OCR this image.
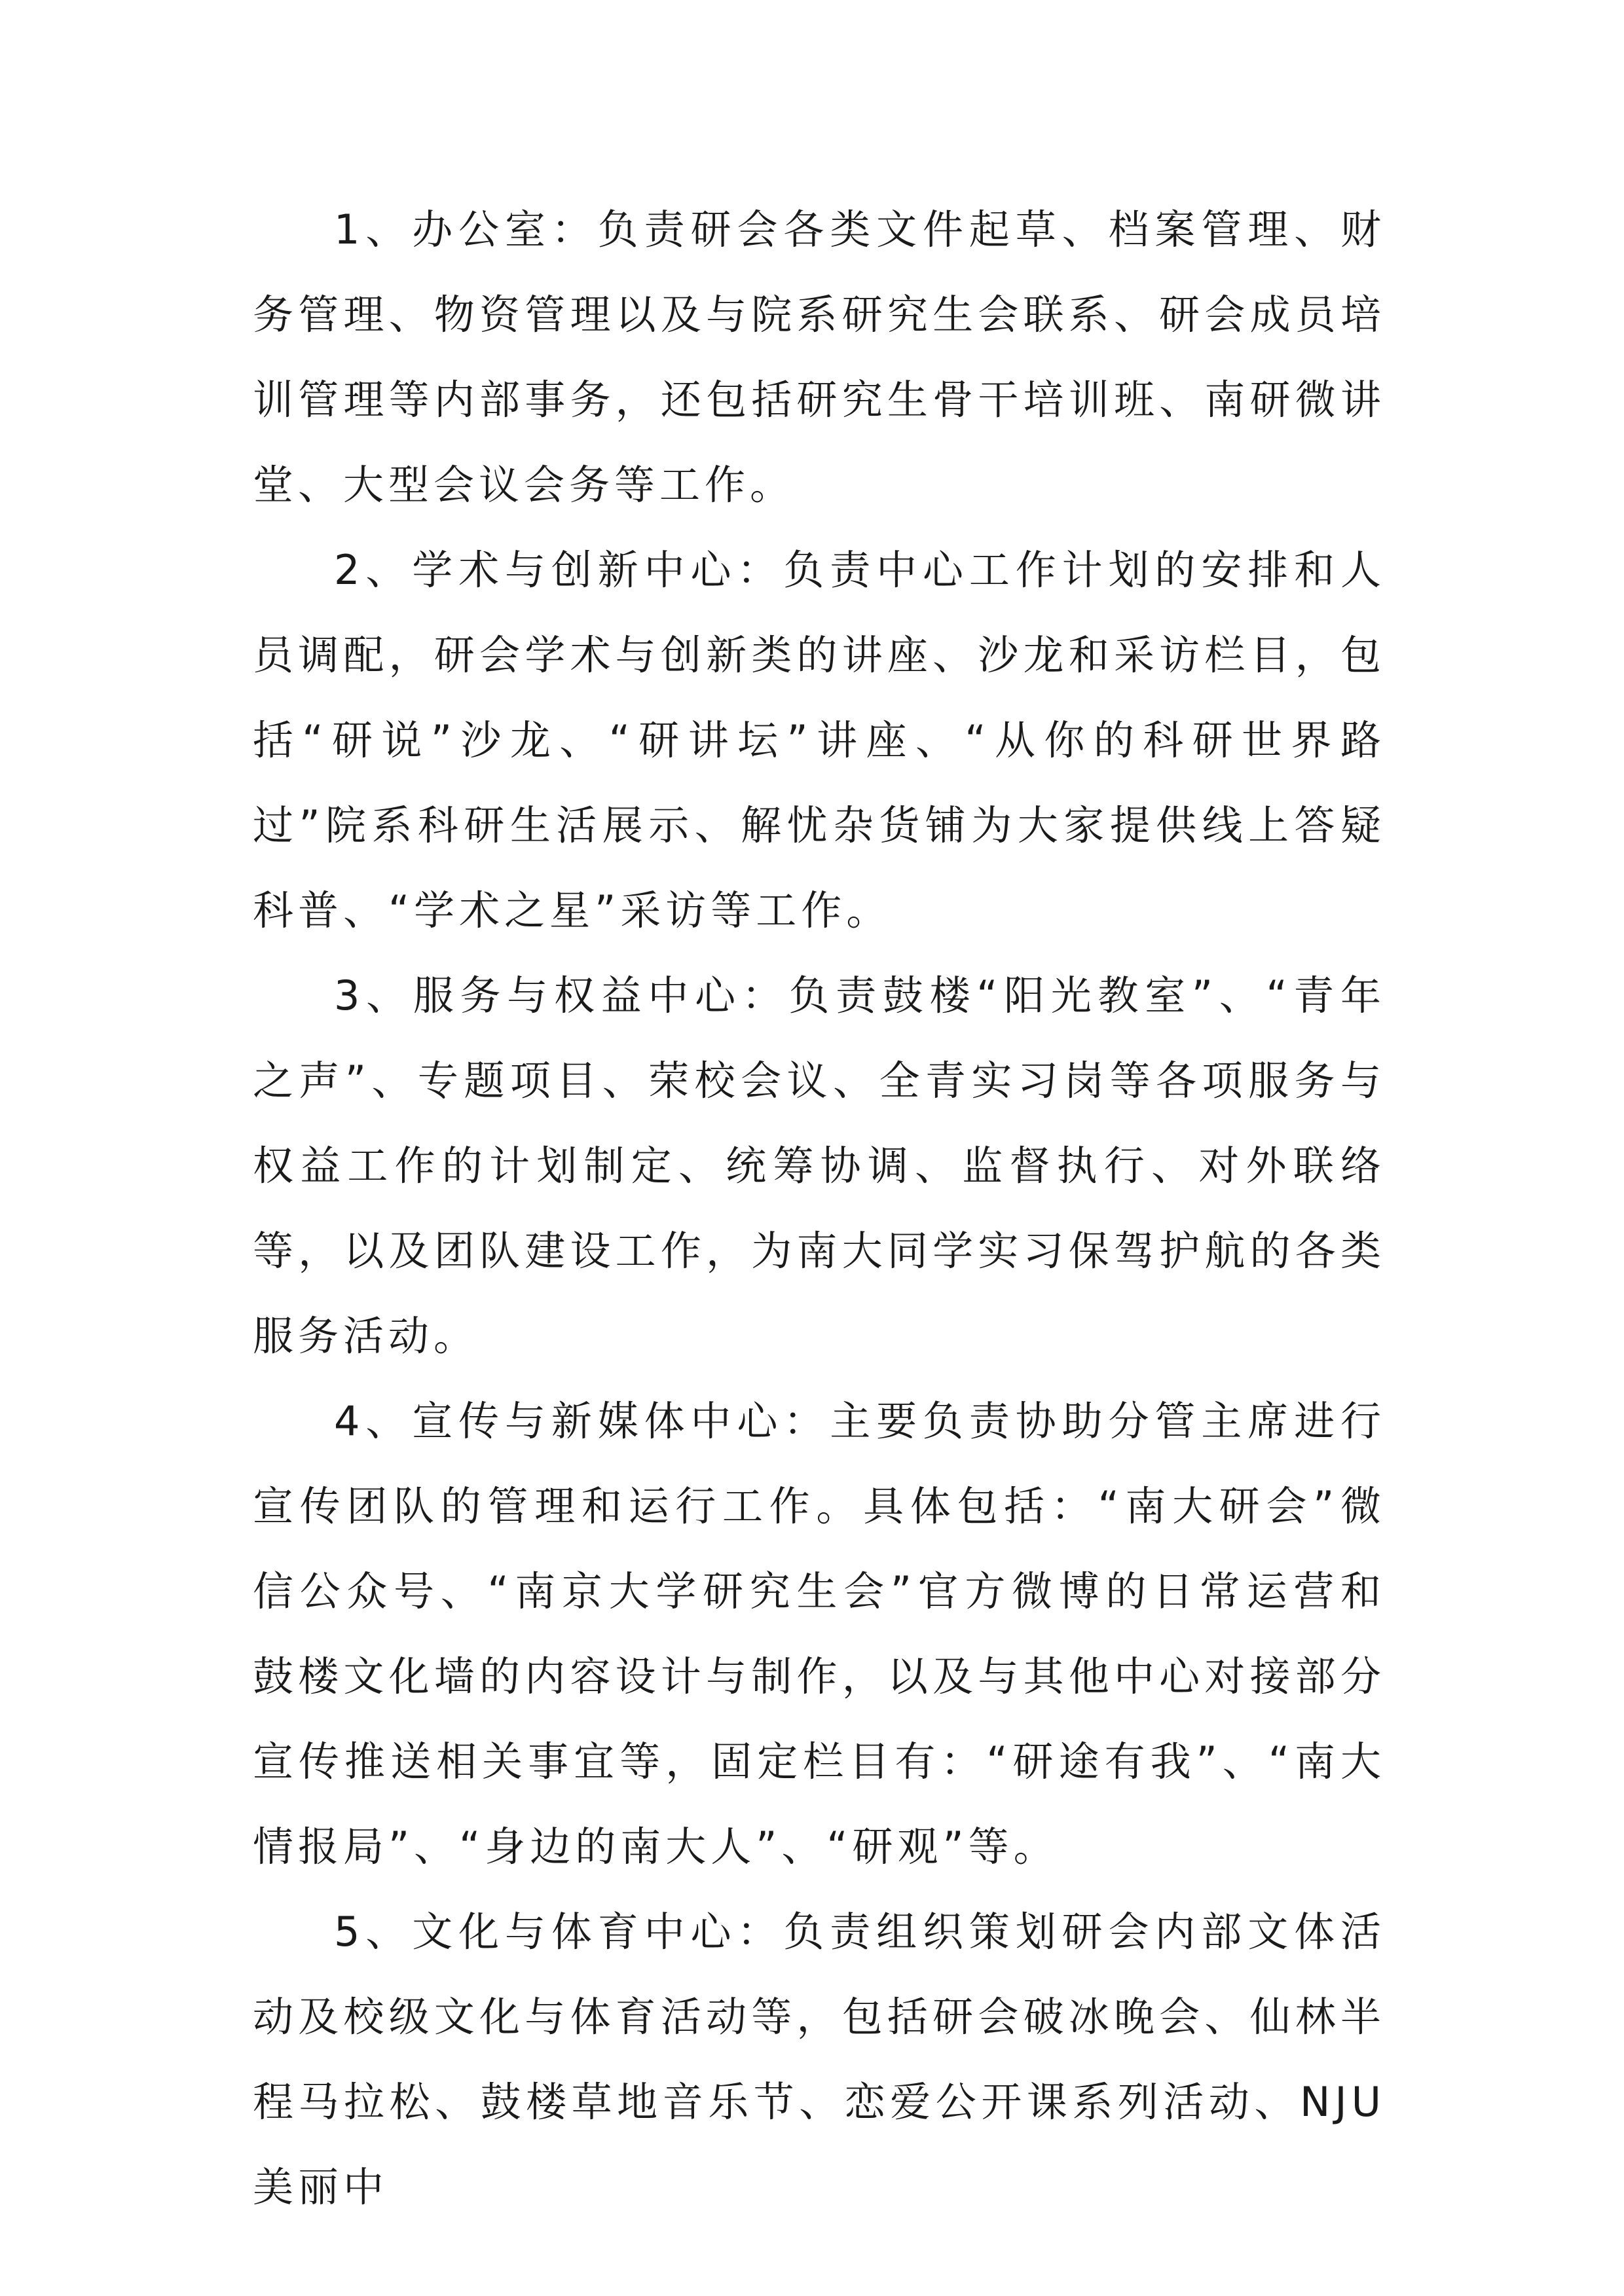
1、办公室：负责研会各类文件起草、档案管理、财务管理、物资管理以及与院系研究生会联系、研会成员培训管理等内部事务，还包括研究生骨干培训班、南研微讲堂、大型会议会务等工作。

2、学术与创新中心：负责中心工作计划的安排和人员调配，研会学术与创新类的讲座、沙龙和采访栏目，包括“研说”沙龙、“研讲坛”讲座、“从你的科研世界路过”院系科研生活展示、解忧杂货铺为大家提供线上答疑科普、“学术之星”采访等工作。

3、服务与权益中心：负责鼓楼“阳光教室”、“青年之声”、专题项目、荣校会议、全青实习岗等各项服务与权益工作的计划制定、统筹协调、监督执行、对外联络等，以及团队建设工作，为南大同学实习保驾护航的各类服务活动。

4、宣传与新媒体中心：主要负责协助分管主席进行宣传团队的管理和运行工作。具体包括：“南大研会”微信公众号、“南京大学研究生会”官方微博的日常运营和鼓楼文化墙的内容设计与制作，以及与其他中心对接部分宣传推送相关事宜等，固定栏目有：“研途有我”、“南大情报局”、“身边的南大人”、“研观”等。

5、文化与体育中心：负责组织策划研会内部文体活动及校级文化与体育活动等，包括研会破冰晚会、仙林半程马拉松、鼓楼草地音乐节、恋爱公开课系列活动、NJU 美丽中
